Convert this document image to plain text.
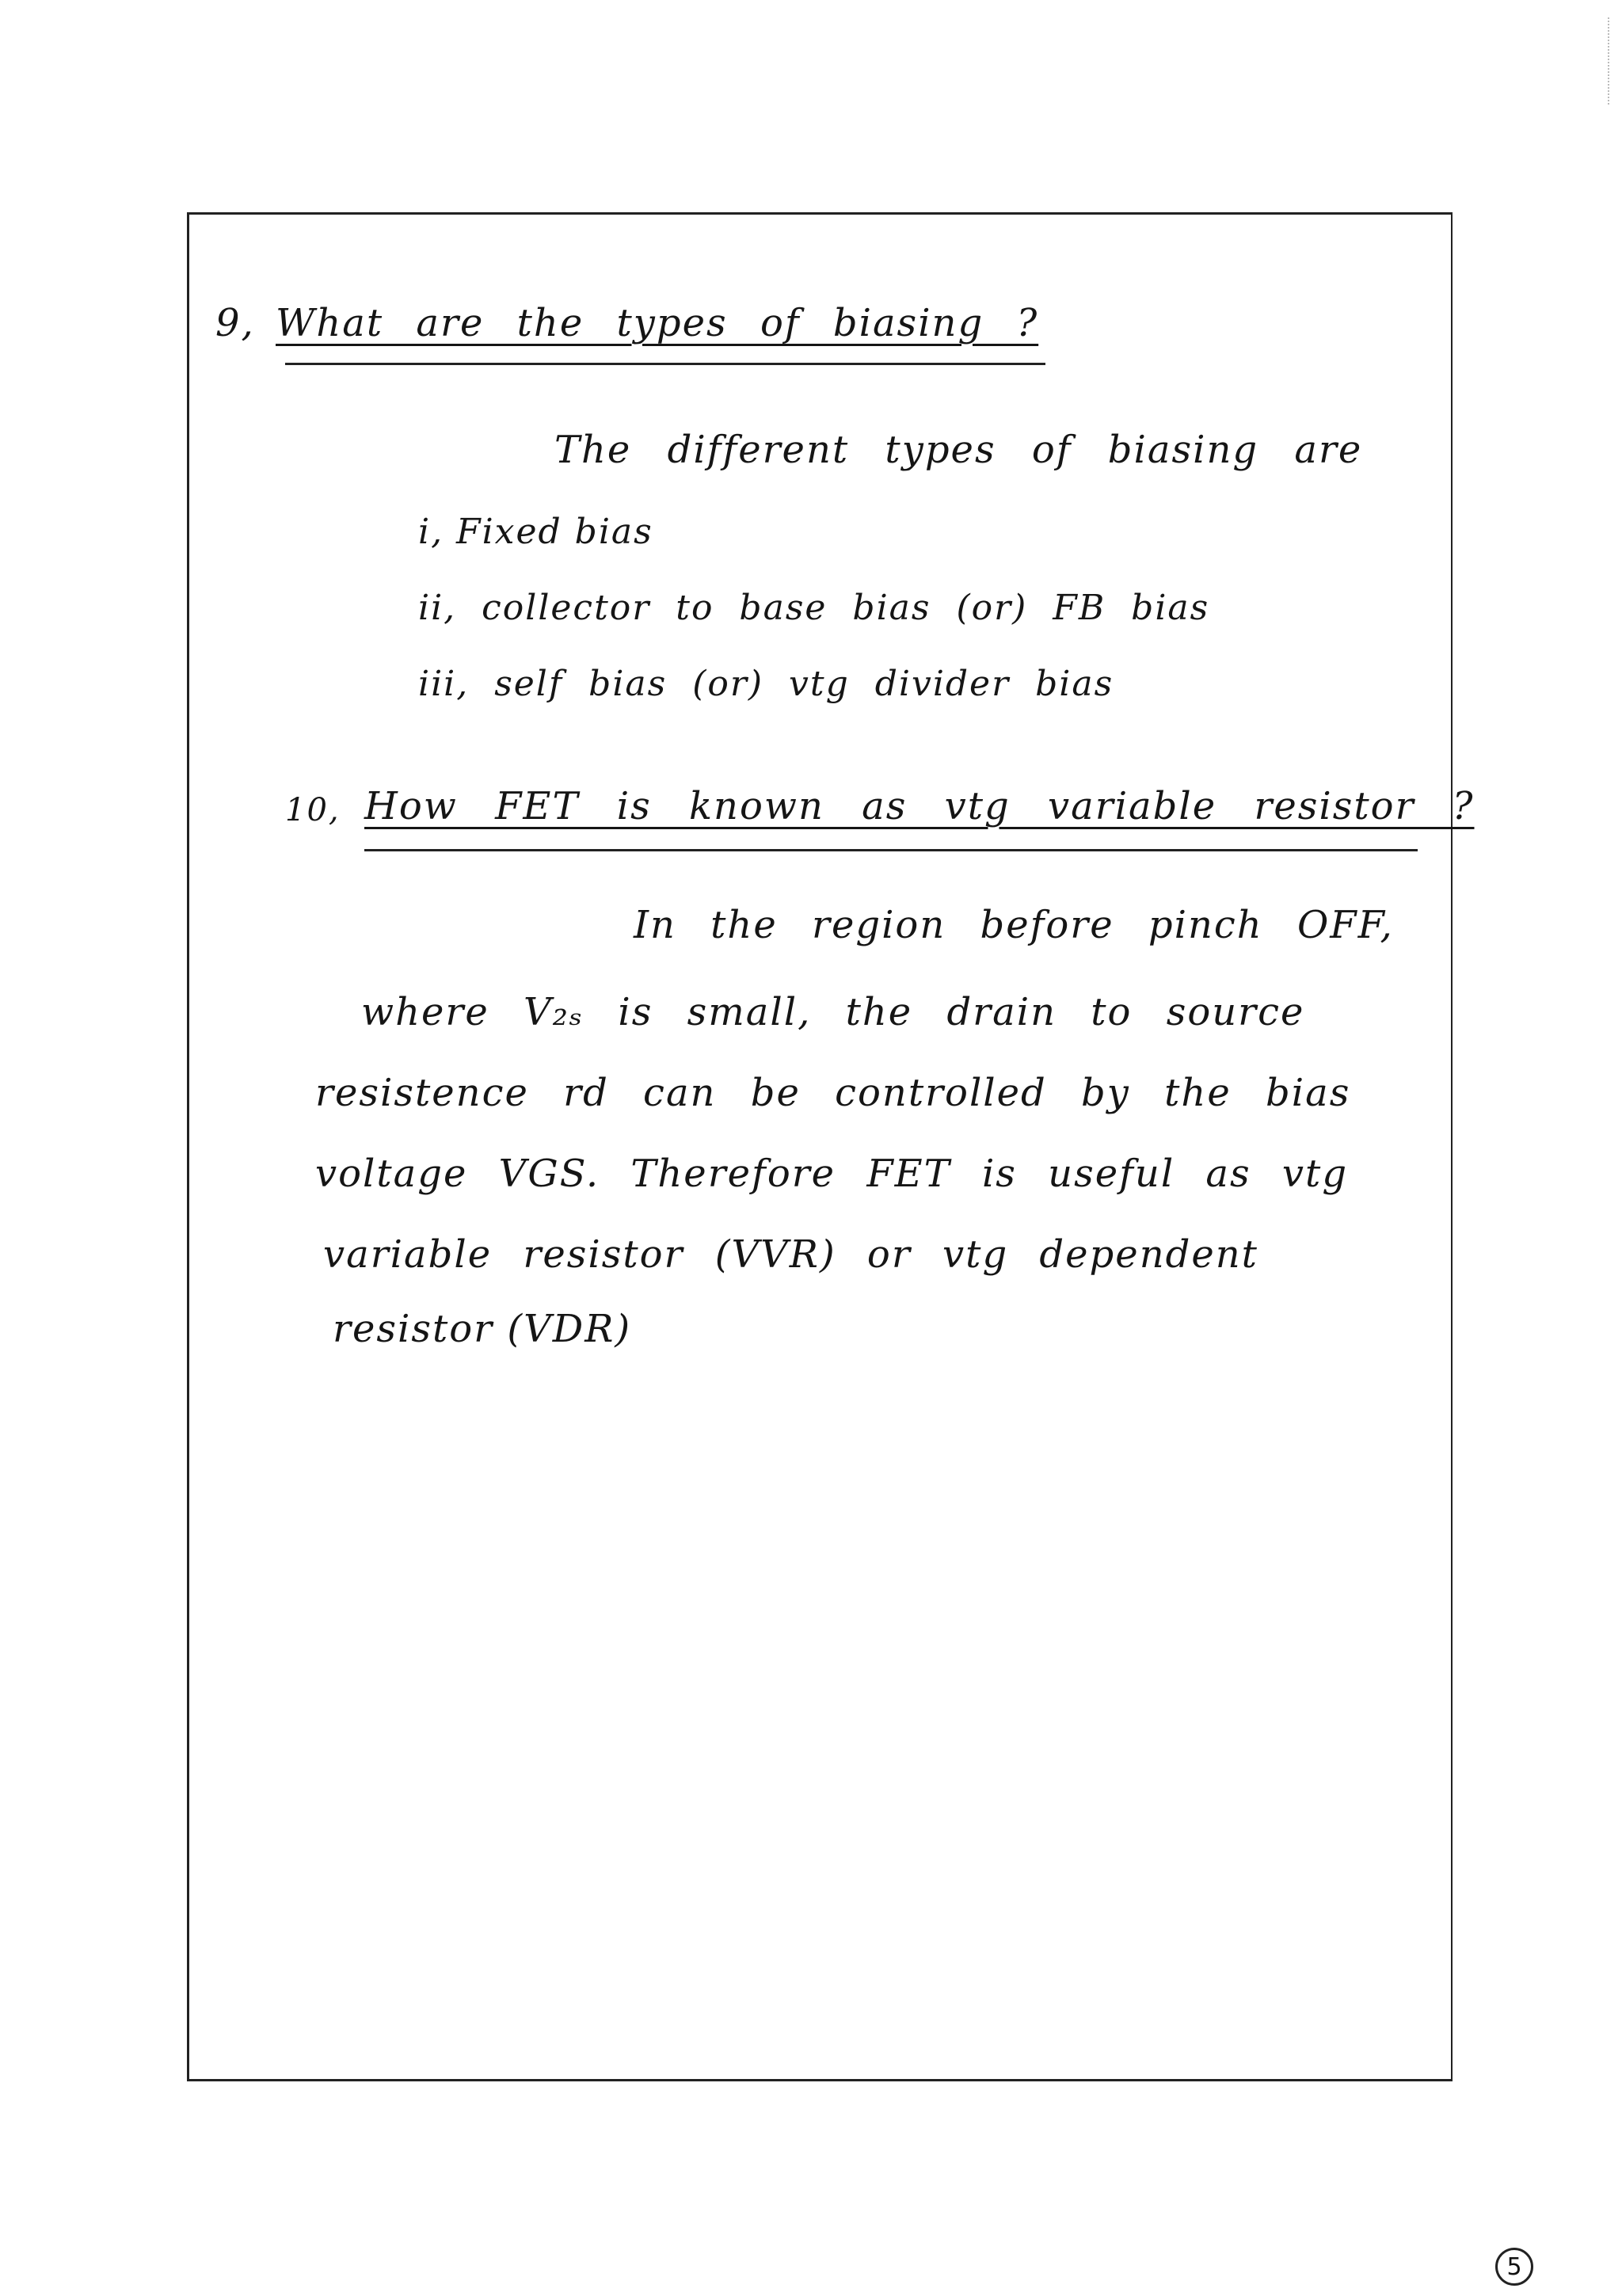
9, What are the types of biasing ?
The different types of biasing are
i, Fixed bias
ii, collector to base bias (or) FB bias
iii, self bias (or) vtg divider bias
10, How FET is known as vtg variable resistor ?
In the region before pinch OFF,
where V₂ₛ is small, the drain to source
resistence rd can be controlled by the bias
voltage VGS. Therefore FET is useful as vtg
variable resistor (VVR) or vtg dependent
resistor (VDR)
5
